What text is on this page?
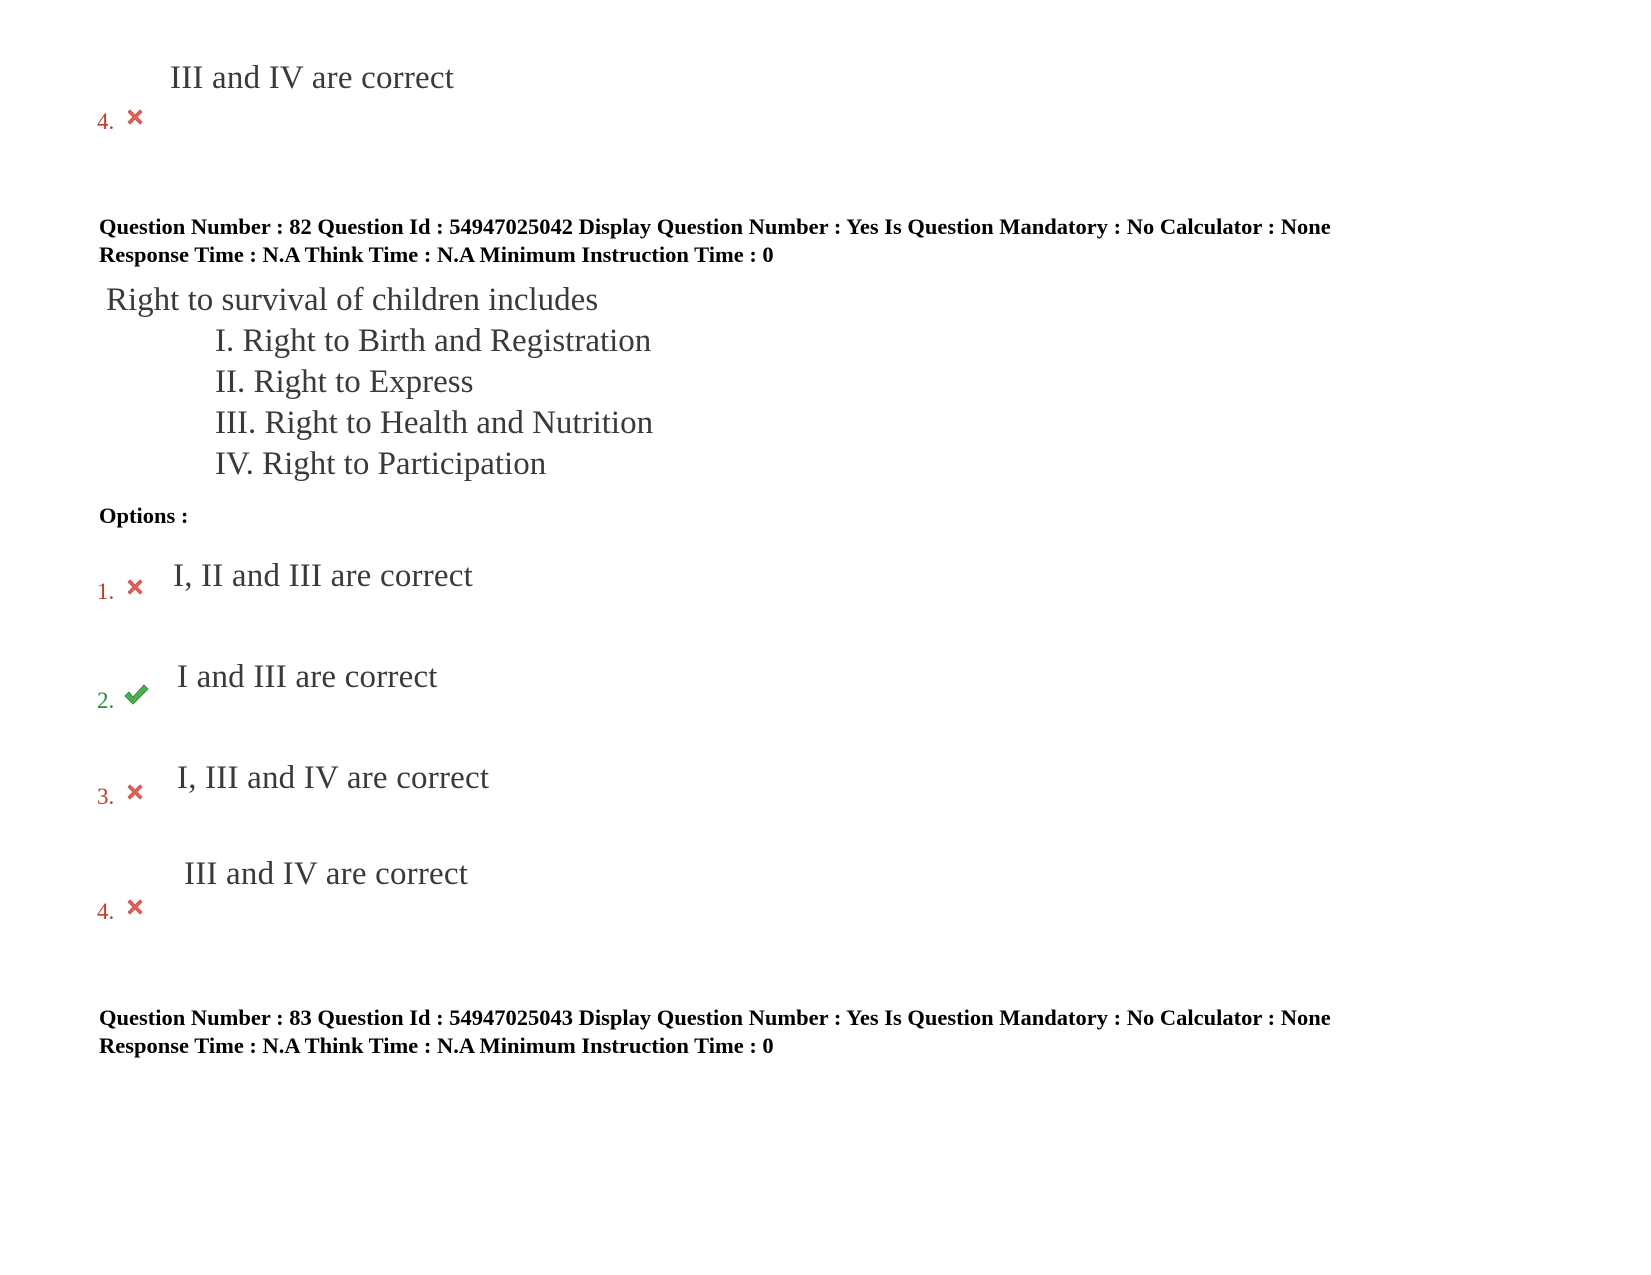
III and IV are correct
4.
Question Number : 82 Question Id : 54947025042 Display Question Number : Yes Is Question Mandatory : No Calculator : None
Response Time : N.A Think Time : N.A Minimum Instruction Time : 0
Right to survival of children includes
I. Right to Birth and Registration
II. Right to Express
III. Right to Health and Nutrition
IV. Right to Participation
Options :
I, II and III are correct
1.
I and III are correct
2.
I, III and IV are correct
3.
III and IV are correct
4.
Question Number : 83 Question Id : 54947025043 Display Question Number : Yes Is Question Mandatory : No Calculator : None
Response Time : N.A Think Time : N.A Minimum Instruction Time : 0
